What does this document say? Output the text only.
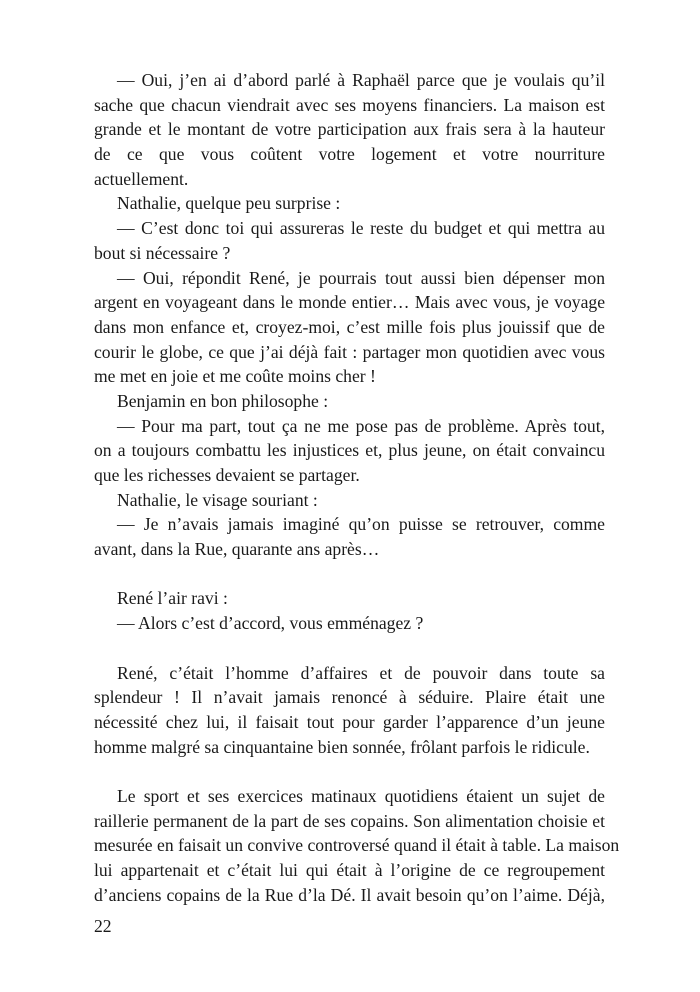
— Oui, j’en ai d’abord parlé à Raphaël parce que je voulais qu’il
sache que chacun viendrait avec ses moyens financiers. La maison est
grande et le montant de votre participation aux frais sera à la hauteur
de ce que vous coûtent votre logement et votre nourriture
actuellement.
Nathalie, quelque peu surprise :
— C’est donc toi qui assureras le reste du budget et qui mettra au
bout si nécessaire ?
— Oui, répondit René, je pourrais tout aussi bien dépenser mon
argent en voyageant dans le monde entier… Mais avec vous, je voyage
dans mon enfance et, croyez-moi, c’est mille fois plus jouissif que de
courir le globe, ce que j’ai déjà fait : partager mon quotidien avec vous
me met en joie et me coûte moins cher !
Benjamin en bon philosophe :
— Pour ma part, tout ça ne me pose pas de problème. Après tout,
on a toujours combattu les injustices et, plus jeune, on était convaincu
que les richesses devaient se partager.
Nathalie, le visage souriant :
— Je n’avais jamais imaginé qu’on puisse se retrouver, comme
avant, dans la Rue, quarante ans après…
René l’air ravi :
— Alors c’est d’accord, vous emménagez ?
René, c’était l’homme d’affaires et de pouvoir dans toute sa
splendeur ! Il n’avait jamais renoncé à séduire. Plaire était une
nécessité chez lui, il faisait tout pour garder l’apparence d’un jeune
homme malgré sa cinquantaine bien sonnée, frôlant parfois le ridicule.
Le sport et ses exercices matinaux quotidiens étaient un sujet de
raillerie permanent de la part de ses copains. Son alimentation choisie et
mesurée en faisait un convive controversé quand il était à table. La maison
lui appartenait et c’était lui qui était à l’origine de ce regroupement
d’anciens copains de la Rue d’la Dé. Il avait besoin qu’on l’aime. Déjà,
22
